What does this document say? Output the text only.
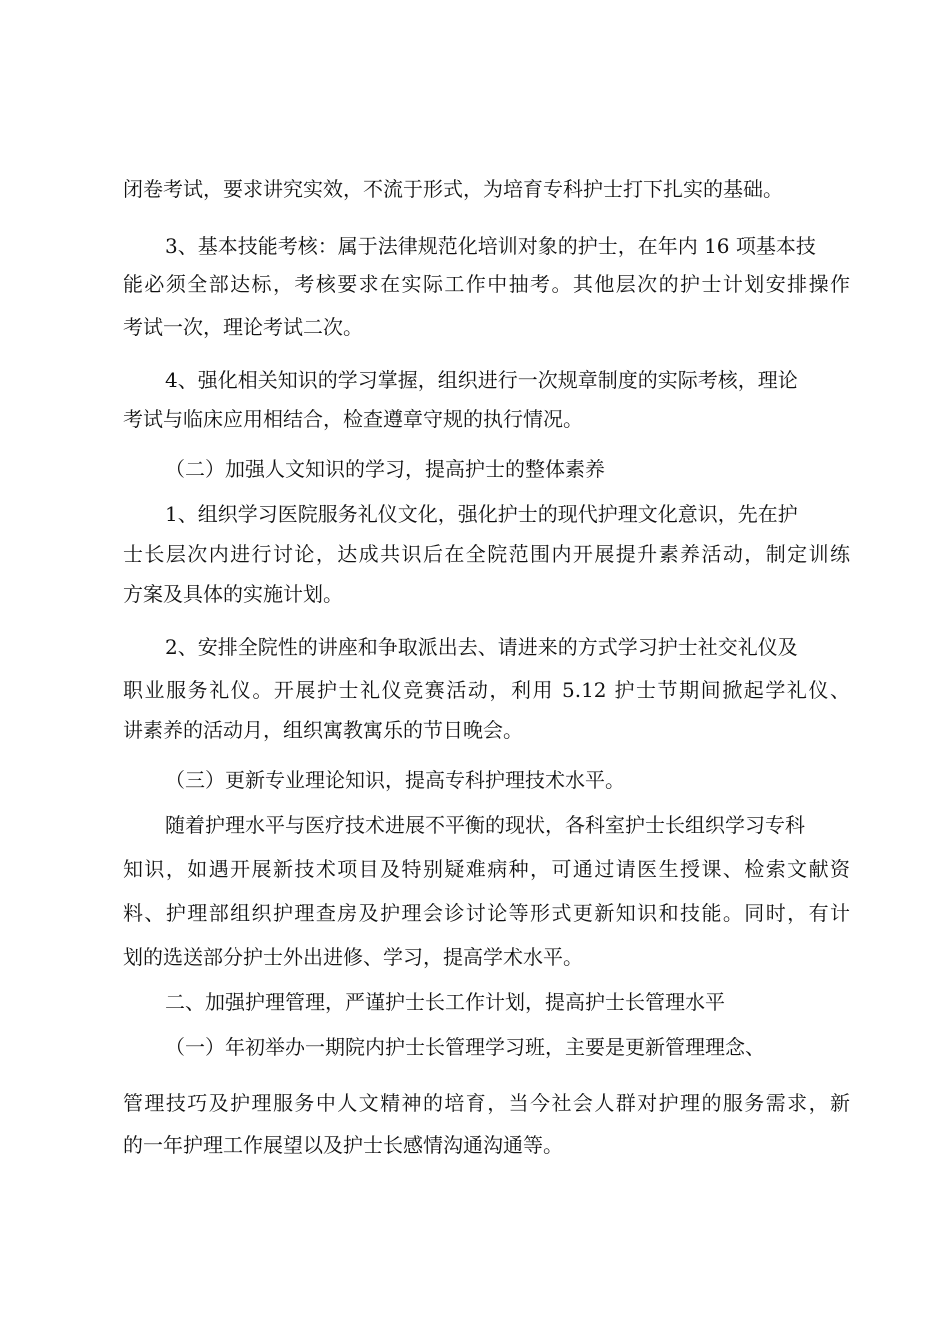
闭卷考试，要求讲究实效，不流于形式，为培育专科护士打下扎实的基础。
3、基本技能考核：属于法律规范化培训对象的护士，在年内 16 项基本技
能必须全部达标，考核要求在实际工作中抽考。其他层次的护士计划安排操作
考试一次，理论考试二次。
4、强化相关知识的学习掌握，组织进行一次规章制度的实际考核，理论
考试与临床应用相结合，检查遵章守规的执行情况。
（二）加强人文知识的学习，提高护士的整体素养
1、组织学习医院服务礼仪文化，强化护士的现代护理文化意识，先在护
士长层次内进行讨论，达成共识后在全院范围内开展提升素养活动，制定训练
方案及具体的实施计划。
2、安排全院性的讲座和争取派出去、请进来的方式学习护士社交礼仪及
职业服务礼仪。开展护士礼仪竞赛活动，利用 5.12 护士节期间掀起学礼仪、
讲素养的活动月，组织寓教寓乐的节日晚会。
（三）更新专业理论知识，提高专科护理技术水平。
随着护理水平与医疗技术进展不平衡的现状，各科室护士长组织学习专科
知识，如遇开展新技术项目及特别疑难病种，可通过请医生授课、检索文献资
料、护理部组织护理查房及护理会诊讨论等形式更新知识和技能。同时，有计
划的选送部分护士外出进修、学习，提高学术水平。
二、加强护理管理，严谨护士长工作计划，提高护士长管理水平
（一）年初举办一期院内护士长管理学习班，主要是更新管理理念、
管理技巧及护理服务中人文精神的培育，当今社会人群对护理的服务需求，新
的一年护理工作展望以及护士长感情沟通沟通等。
